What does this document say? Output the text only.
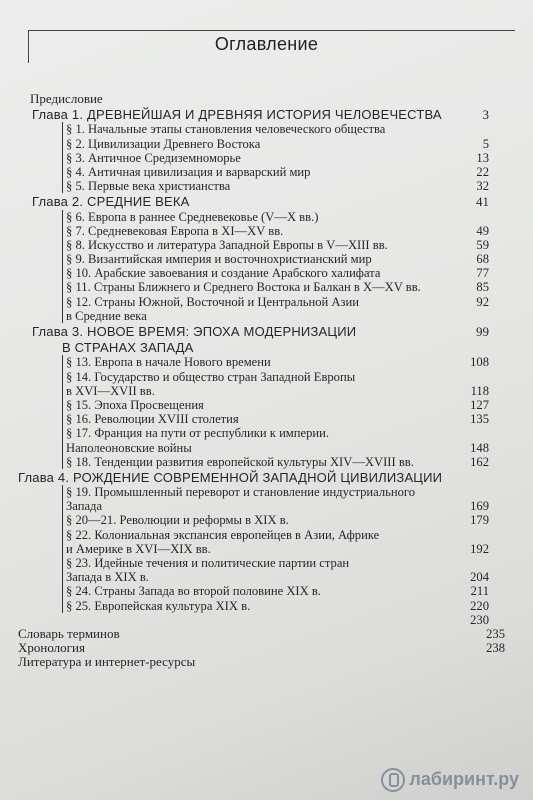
Оглавление
Предисловие
Глава 1. ДРЕВНЕЙШАЯ И ДРЕВНЯЯ ИСТОРИЯ ЧЕЛОВЕЧЕСТВА	3
§ 1. Начальные этапы становления человеческого общества
§ 2. Цивилизации Древнего Востока	5
§ 3. Античное Средиземноморье	13
§ 4. Античная цивилизация и варварский мир	22
§ 5. Первые века христианства	32
Глава 2. СРЕДНИЕ ВЕКА	41
§ 6. Европа в раннее Средневековье (V—X вв.)
§ 7. Средневековая Европа в XI—XV вв.	49
§ 8. Искусство и литература Западной Европы в V—XIII вв.	59
§ 9. Византийская империя и восточнохристианский мир	68
§ 10. Арабские завоевания и создание Арабского халифата	77
§ 11. Страны Ближнего и Среднего Востока и Балкан в X—XV вв.	85
§ 12. Страны Южной, Восточной и Центральной Азии	92
в Средние века
Глава 3. НОВОЕ ВРЕМЯ: ЭПОХА МОДЕРНИЗАЦИИ	99
В СТРАНАХ ЗАПАДА
§ 13. Европа в начале Нового времени	108
§ 14. Государство и общество стран Западной Европы
в XVI—XVII вв.	118
§ 15. Эпоха Просвещения	127
§ 16. Революции XVIII столетия	135
§ 17. Франция на пути от республики к империи.
Наполеоновские войны	148
§ 18. Тенденции развития европейской культуры XIV—XVIII вв.	162
Глава 4. РОЖДЕНИЕ СОВРЕМЕННОЙ ЗАПАДНОЙ ЦИВИЛИЗАЦИИ
§ 19. Промышленный переворот и становление индустриального
Запада	169
§ 20—21. Революции и реформы в XIX в.	179
§ 22. Колониальная экспансия европейцев в Азии, Африке
и Америке в XVI—XIX вв.	192
§ 23. Идейные течения и политические партии стран
Запада в XIX в.	204
§ 24. Страны Запада во второй половине XIX в.	211
§ 25. Европейская культура XIX в.	220
230
Словарь терминов	235
Хронология	238
Литература и интернет-ресурсы
лабиринт.ру
